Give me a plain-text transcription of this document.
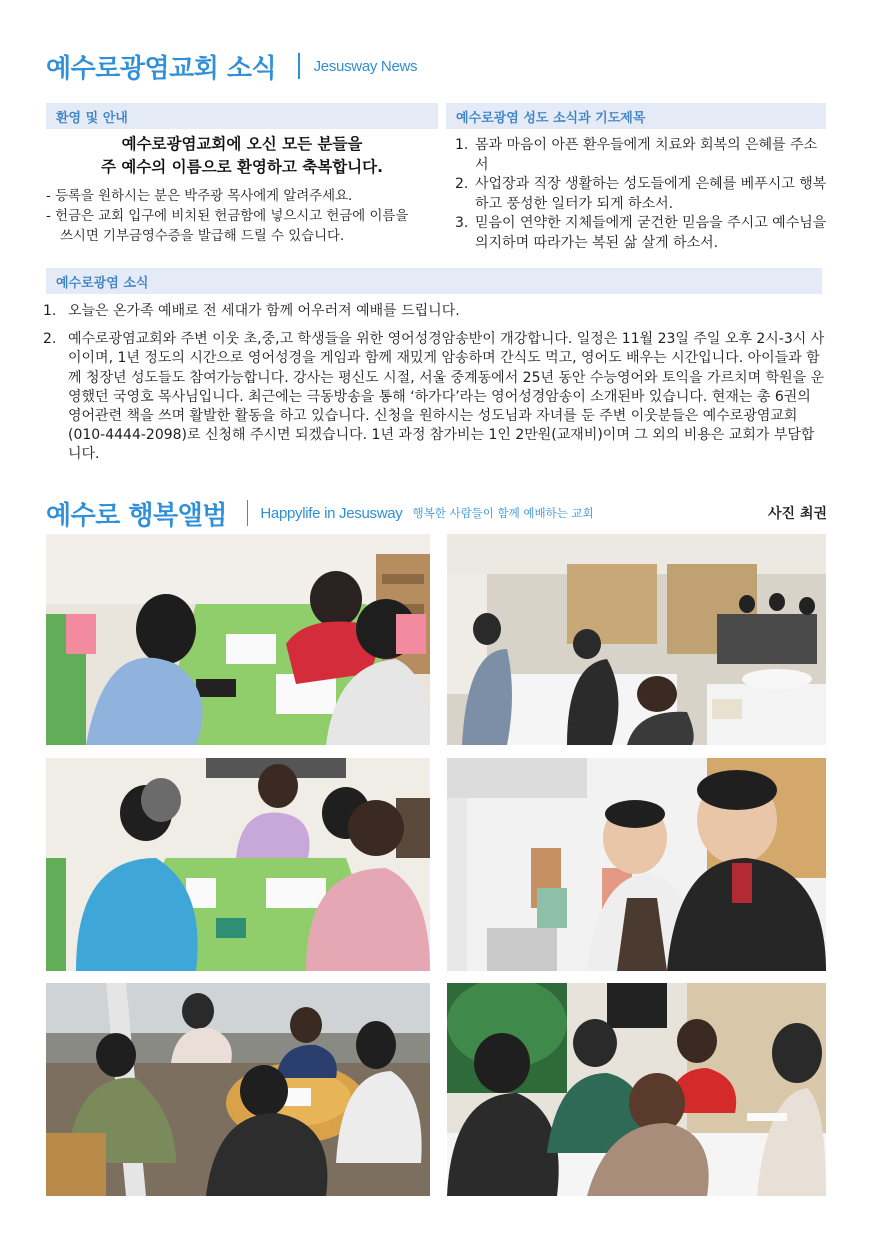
예수로광염교회 소식	Jesusway News
환영 및 안내
예수로광염교회에 오신 모든 분들을
주 예수의 이름으로 환영하고 축복합니다.
- 등록을 원하시는 분은 박주광 목사에게 알려주세요.
- 헌금은 교회 입구에 비치된 헌금함에 넣으시고 헌금에 이름을 쓰시면 기부금영수증을 발급해 드릴 수 있습니다.
예수로광염 성도 소식과 기도제목
1. 몸과 마음이 아픈 환우들에게 치료와 회복의 은혜를 주소서
2. 사업장과 직장 생활하는 성도들에게 은혜를 베푸시고 행복하고 풍성한 일터가 되게 하소서.
3. 믿음이 연약한 지체들에게 굳건한 믿음을 주시고 예수님을 의지하며 따라가는 복된 삶 살게 하소서.
예수로광염 소식
1. 오늘은 온가족 예배로 전 세대가 함께 어우러져 예배를 드립니다.
2. 예수로광염교회와 주변 이웃 초,중,고 학생들을 위한 영어성경암송반이 개강합니다. 일정은 11월 23일 주일 오후 2시-3시 사이이며, 1년 정도의 시간으로 영어성경을 게임과 함께 재밌게 암송하며 간식도 먹고, 영어도 배우는 시간입니다. 아이들과 함께 청장년 성도들도 참여가능합니다. 강사는 평신도 시절, 서울 중계동에서 25년 동안 수능영어와 토익을 가르치며 학원을 운영했던 국영호 목사님입니다. 최근에는 극동방송을 통해 ‘하가다’라는 영어성경암송이 소개된바 있습니다. 현재는 총 6권의 영어관련 책을 쓰며 활발한 활동을 하고 있습니다. 신청을 원하시는 성도님과 자녀를 둔 주변 이웃분들은 예수로광염교회(010-4444-2098)로 신청해 주시면 되겠습니다. 1년 과정 참가비는 1인 2만원(교재비)이며 그 외의 비용은 교회가 부담합니다.
예수로 행복앨범 Happylife in Jesusway 행복한 사람들이 함께 예배하는 교회	사진 최권
